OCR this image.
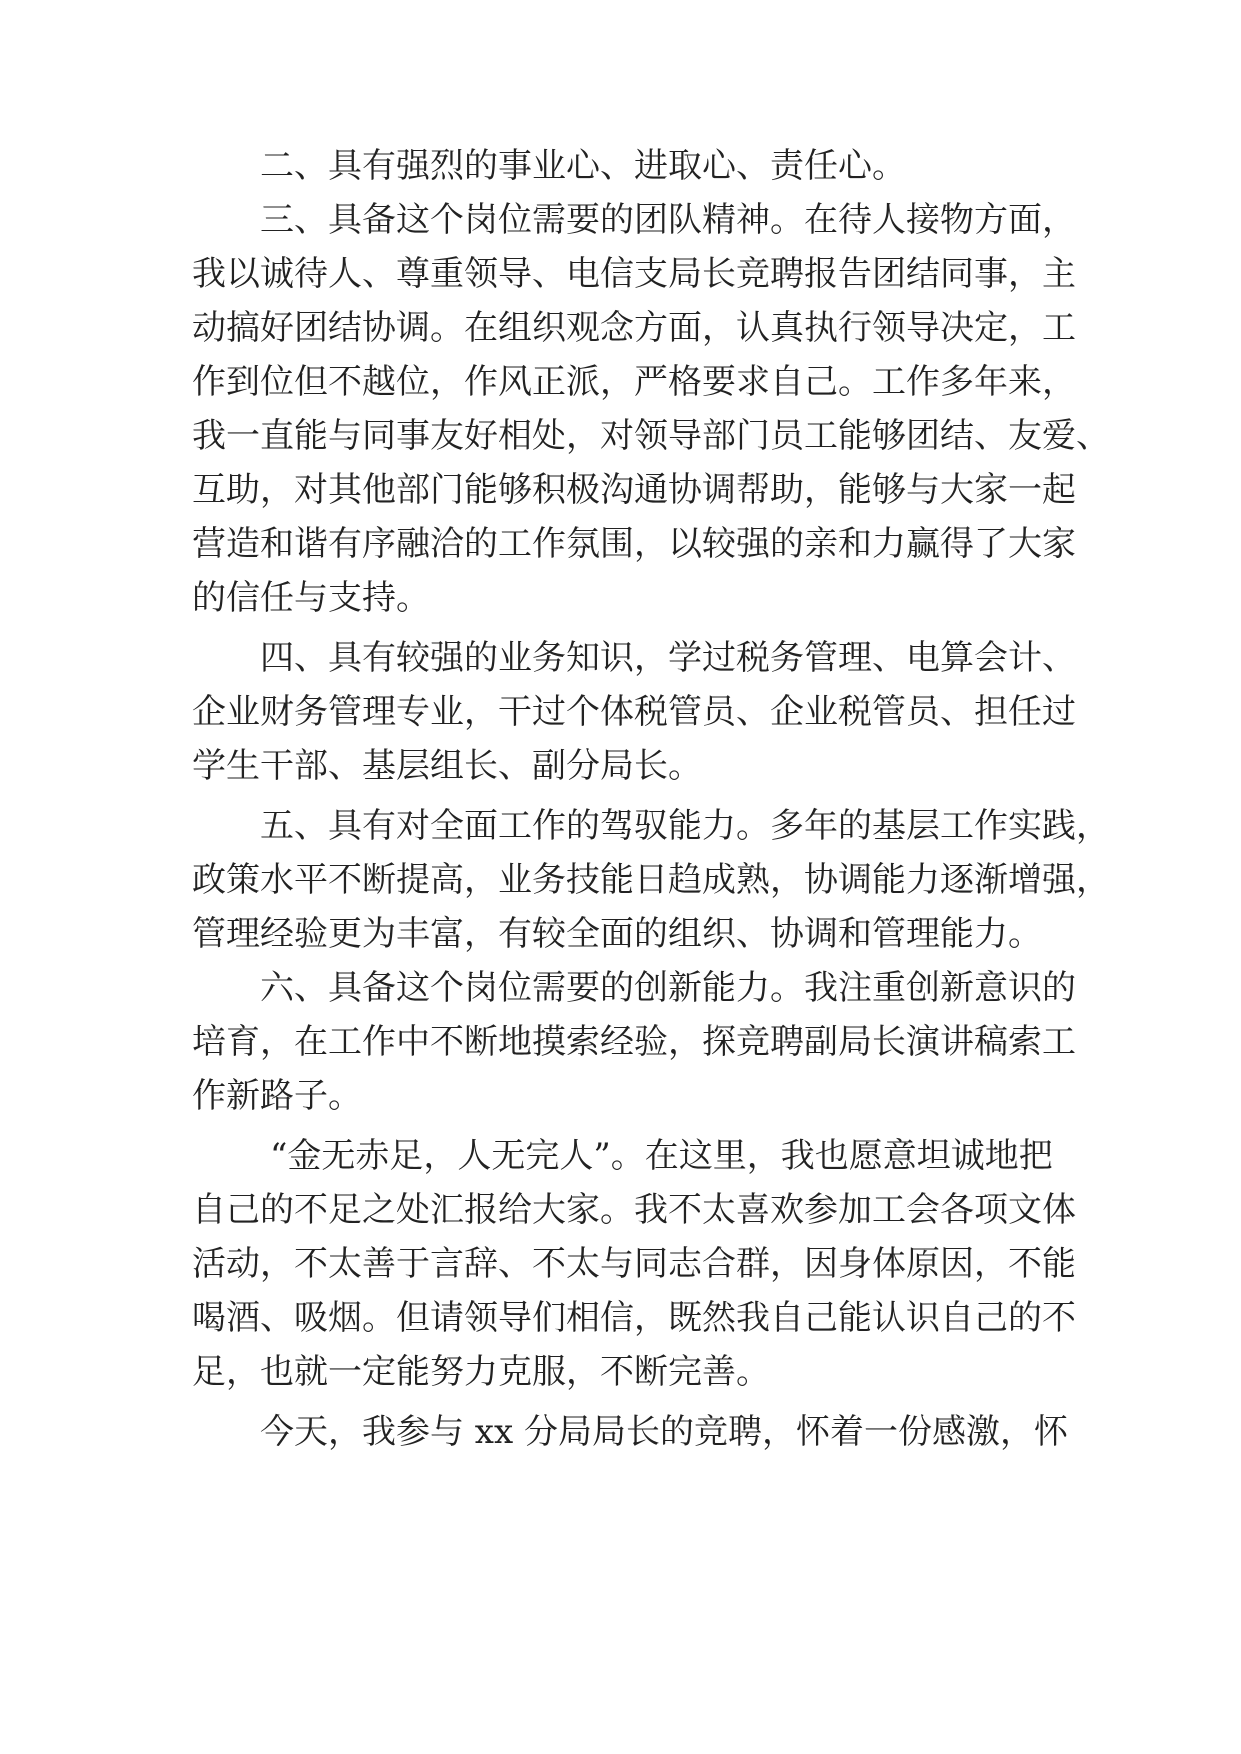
二、具有强烈的事业心、进取心、责任心。
三、具备这个岗位需要的团队精神。在待人接物方面，
我以诚待人、尊重领导、电信支局长竞聘报告团结同事，主
动搞好团结协调。在组织观念方面，认真执行领导决定，工
作到位但不越位，作风正派，严格要求自己。工作多年来，
我一直能与同事友好相处，对领导部门员工能够团结、友爱、
互助，对其他部门能够积极沟通协调帮助，能够与大家一起
营造和谐有序融洽的工作氛围，以较强的亲和力赢得了大家
的信任与支持。
四、具有较强的业务知识，学过税务管理、电算会计、
企业财务管理专业，干过个体税管员、企业税管员、担任过
学生干部、基层组长、副分局长。
五、具有对全面工作的驾驭能力。多年的基层工作实践，
政策水平不断提高，业务技能日趋成熟，协调能力逐渐增强，
管理经验更为丰富，有较全面的组织、协调和管理能力。
六、具备这个岗位需要的创新能力。我注重创新意识的
培育，在工作中不断地摸索经验，探竞聘副局长演讲稿索工
作新路子。
“金无赤足，人无完人”。在这里，我也愿意坦诚地把
自己的不足之处汇报给大家。我不太喜欢参加工会各项文体
活动，不太善于言辞、不太与同志合群，因身体原因，不能
喝酒、吸烟。但请领导们相信，既然我自己能认识自己的不
足，也就一定能努力克服，不断完善。
今天，我参与 xx 分局局长的竞聘，怀着一份感激，怀
